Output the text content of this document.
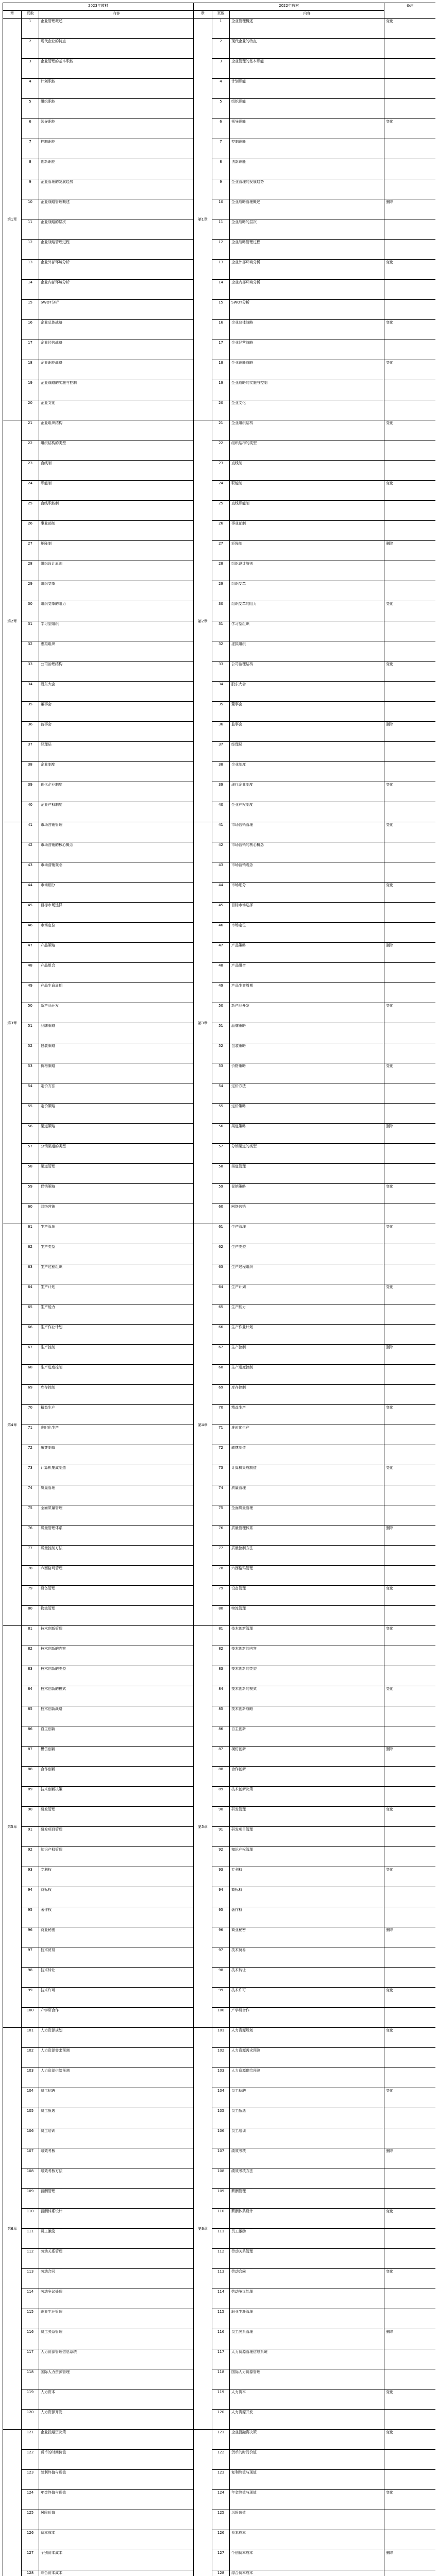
2023年教材			2022年教材			备注
章	页数	内容	章	页数	内容	
第1章	1	企业管理概述	第1章	1	企业管理概述	变化
	2	现代企业的特点		2	现代企业的特点	
	3	企业管理的基本职能		3	企业管理的基本职能	
	4	计划职能		4	计划职能	
	5	组织职能		5	组织职能	
	6	领导职能		6	领导职能	变化
	7	控制职能		7	控制职能	
	8	创新职能		8	创新职能	
	9	企业管理的发展趋势		9	企业管理的发展趋势	
	10	企业战略管理概述		10	企业战略管理概述	删除
	11	企业战略的层次		11	企业战略的层次	
	12	企业战略管理过程		12	企业战略管理过程	
	13	企业外部环境分析		13	企业外部环境分析	变化
	14	企业内部环境分析		14	企业内部环境分析	
	15	SWOT分析		15	SWOT分析	
	16	企业总体战略		16	企业总体战略	变化
	17	企业经营战略		17	企业经营战略	
	18	企业职能战略		18	企业职能战略	变化
	19	企业战略的实施与控制		19	企业战略的实施与控制	
	20	企业文化		20	企业文化	
第2章	21	企业组织结构	第2章	21	企业组织结构	变化
	22	组织结构的类型		22	组织结构的类型	
	23	直线制		23	直线制	
	24	职能制		24	职能制	变化
	25	直线职能制		25	直线职能制	
	26	事业部制		26	事业部制	
	27	矩阵制		27	矩阵制	删除
	28	组织设计原则		28	组织设计原则	
	29	组织变革		29	组织变革	
	30	组织变革的阻力		30	组织变革的阻力	变化
	31	学习型组织		31	学习型组织	
	32	虚拟组织		32	虚拟组织	
	33	公司治理结构		33	公司治理结构	变化
	34	股东大会		34	股东大会	
	35	董事会		35	董事会	
	36	监事会		36	监事会	删除
	37	经理层		37	经理层	
	38	企业制度		38	企业制度	
	39	现代企业制度		39	现代企业制度	变化
	40	企业产权制度		40	企业产权制度	
第3章	41	市场营销管理	第3章	41	市场营销管理	变化
	42	市场营销的核心概念		42	市场营销的核心概念	
	43	市场营销观念		43	市场营销观念	
	44	市场细分		44	市场细分	变化
	45	目标市场选择		45	目标市场选择	
	46	市场定位		46	市场定位	
	47	产品策略		47	产品策略	删除
	48	产品组合		48	产品组合	
	49	产品生命周期		49	产品生命周期	
	50	新产品开发		50	新产品开发	变化
	51	品牌策略		51	品牌策略	
	52	包装策略		52	包装策略	
	53	价格策略		53	价格策略	变化
	54	定价方法		54	定价方法	
	55	定价策略		55	定价策略	
	56	渠道策略		56	渠道策略	删除
	57	分销渠道的类型		57	分销渠道的类型	
	58	渠道管理		58	渠道管理	
	59	促销策略		59	促销策略	变化
	60	网络营销		60	网络营销	
第4章	61	生产管理	第4章	61	生产管理	变化
	62	生产类型		62	生产类型	
	63	生产过程组织		63	生产过程组织	
	64	生产计划		64	生产计划	变化
	65	生产能力		65	生产能力	
	66	生产作业计划		66	生产作业计划	
	67	生产控制		67	生产控制	删除
	68	生产进度控制		68	生产进度控制	
	69	库存控制		69	库存控制	
	70	精益生产		70	精益生产	变化
	71	准时化生产		71	准时化生产	
	72	敏捷制造		72	敏捷制造	
	73	计算机集成制造		73	计算机集成制造	变化
	74	质量管理		74	质量管理	
	75	全面质量管理		75	全面质量管理	
	76	质量管理体系		76	质量管理体系	删除
	77	质量控制方法		77	质量控制方法	
	78	六西格玛管理		78	六西格玛管理	
	79	设备管理		79	设备管理	变化
	80	物流管理		80	物流管理	
第5章	81	技术创新管理	第5章	81	技术创新管理	变化
	82	技术创新的内容		82	技术创新的内容	
	83	技术创新的类型		83	技术创新的类型	
	84	技术创新的模式		84	技术创新的模式	变化
	85	技术创新战略		85	技术创新战略	
	86	自主创新		86	自主创新	
	87	模仿创新		87	模仿创新	删除
	88	合作创新		88	合作创新	
	89	技术创新决策		89	技术创新决策	
	90	研发管理		90	研发管理	变化
	91	研发项目管理		91	研发项目管理	
	92	知识产权管理		92	知识产权管理	
	93	专利权		93	专利权	变化
	94	商标权		94	商标权	
	95	著作权		95	著作权	
	96	商业秘密		96	商业秘密	删除
	97	技术贸易		97	技术贸易	
	98	技术转让		98	技术转让	
	99	技术许可		99	技术许可	变化
	100	产学研合作		100	产学研合作	
第6章	101	人力资源规划	第6章	101	人力资源规划	变化
	102	人力资源需求预测		102	人力资源需求预测	
	103	人力资源供给预测		103	人力资源供给预测	
	104	员工招聘		104	员工招聘	变化
	105	员工甄选		105	员工甄选	
	106	员工培训		106	员工培训	
	107	绩效考核		107	绩效考核	删除
	108	绩效考核方法		108	绩效考核方法	
	109	薪酬管理		109	薪酬管理	
	110	薪酬体系设计		110	薪酬体系设计	变化
	111	员工激励		111	员工激励	
	112	劳动关系管理		112	劳动关系管理	
	113	劳动合同		113	劳动合同	变化
	114	劳动争议处理		114	劳动争议处理	
	115	职业生涯管理		115	职业生涯管理	
	116	员工关系管理		116	员工关系管理	删除
	117	人力资源管理信息系统		117	人力资源管理信息系统	
	118	国际人力资源管理		118	国际人力资源管理	
	119	人力资本		119	人力资本	变化
	120	人力资源开发		120	人力资源开发	
	121	企业投融资决策		121	企业投融资决策	变化
	122	货币的时间价值		122	货币的时间价值	
	123	复利终值与现值		123	复利终值与现值	
	124	年金终值与现值		124	年金终值与现值	变化
	125	风险价值		125	风险价值	
	126	资本成本		126	资本成本	
	127	个别资本成本		127	个别资本成本	删除
	128	综合资本成本		128	综合资本成本	
